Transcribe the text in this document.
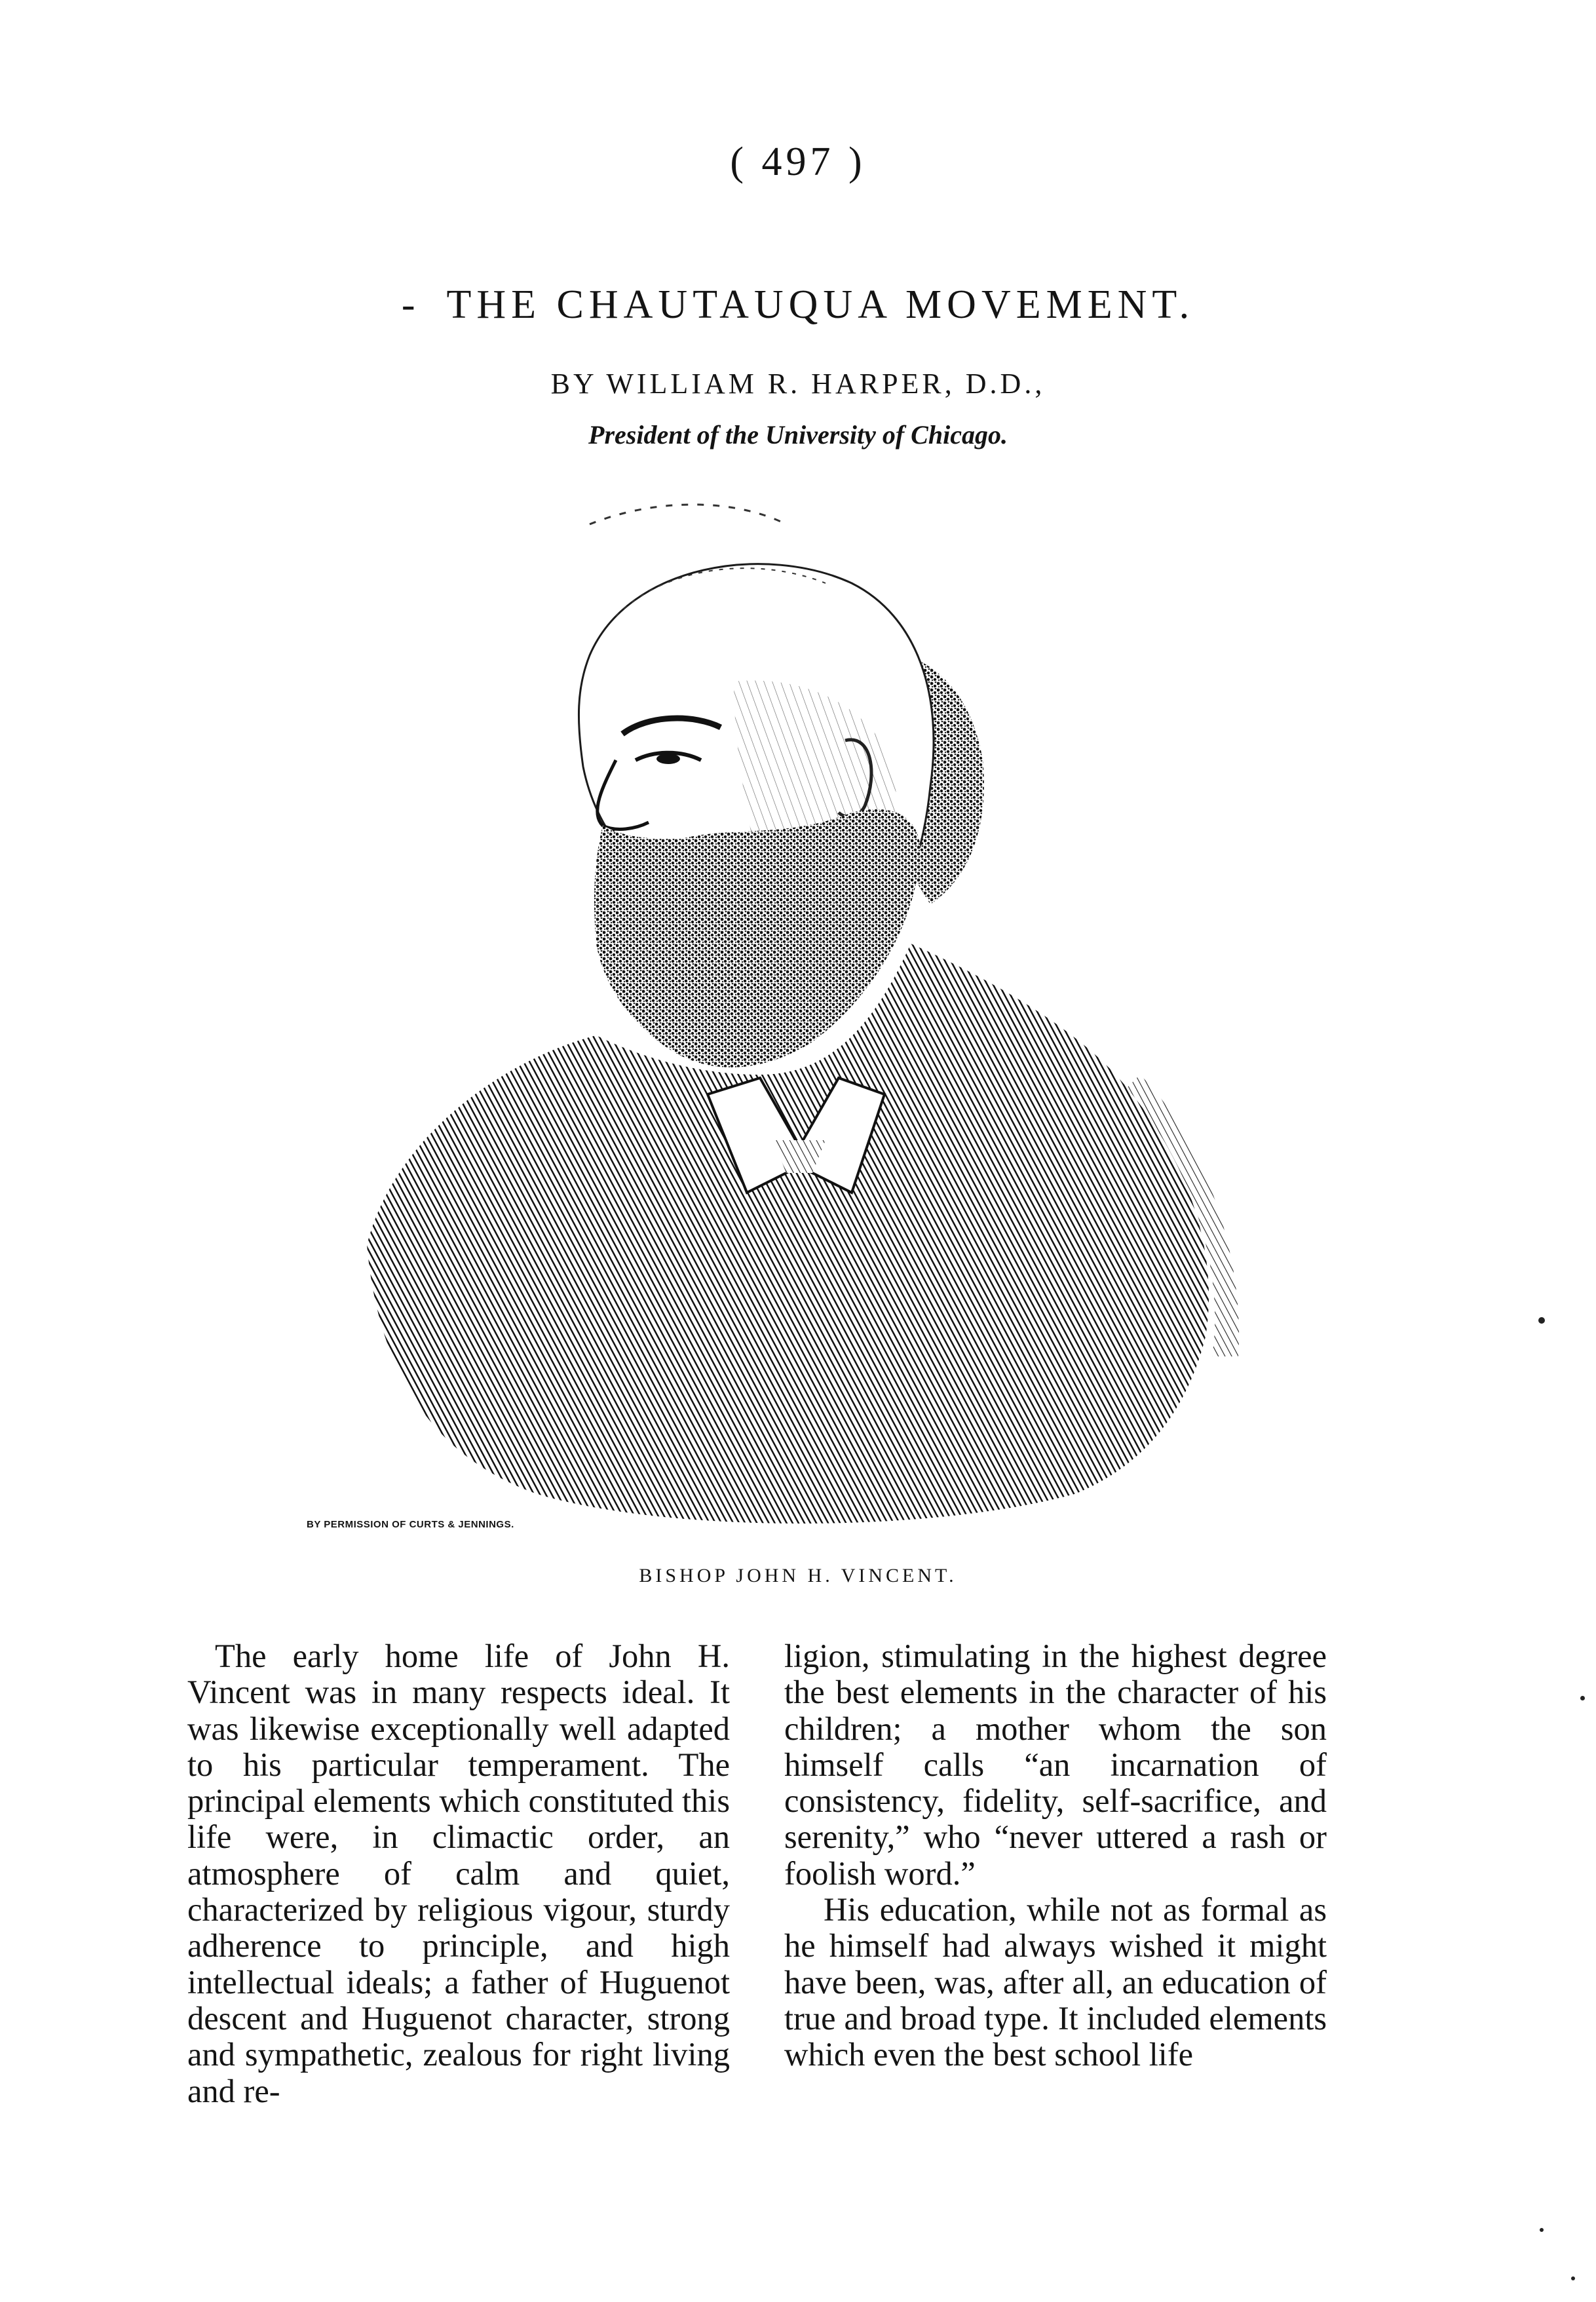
( 497 )
- THE CHAUTAUQUA MOVEMENT.
BY WILLIAM R. HARPER, D.D.,
President of the University of Chicago.
BY PERMISSION OF CURTS & JENNINGS.
BISHOP JOHN H. VINCENT.

The early home life of John H. Vincent was in many respects ideal. It was likewise exceptionally well adapted to his particular temperament. The principal elements which constituted this life were, in climactic order, an atmosphere of calm and quiet, characterized by religious vigour, sturdy adherence to principle, and high intellectual ideals; a father of Huguenot descent and Huguenot character, strong and sympathetic, zealous for right living and re-

ligion, stimulating in the highest degree the best elements in the character of his children; a mother whom the son himself calls “an incarnation of consistency, fidelity, self-sacrifice, and serenity,” who “never uttered a rash or foolish word.”

His education, while not as formal as he himself had always wished it might have been, was, after all, an education of true and broad type. It included elements which even the best school life
